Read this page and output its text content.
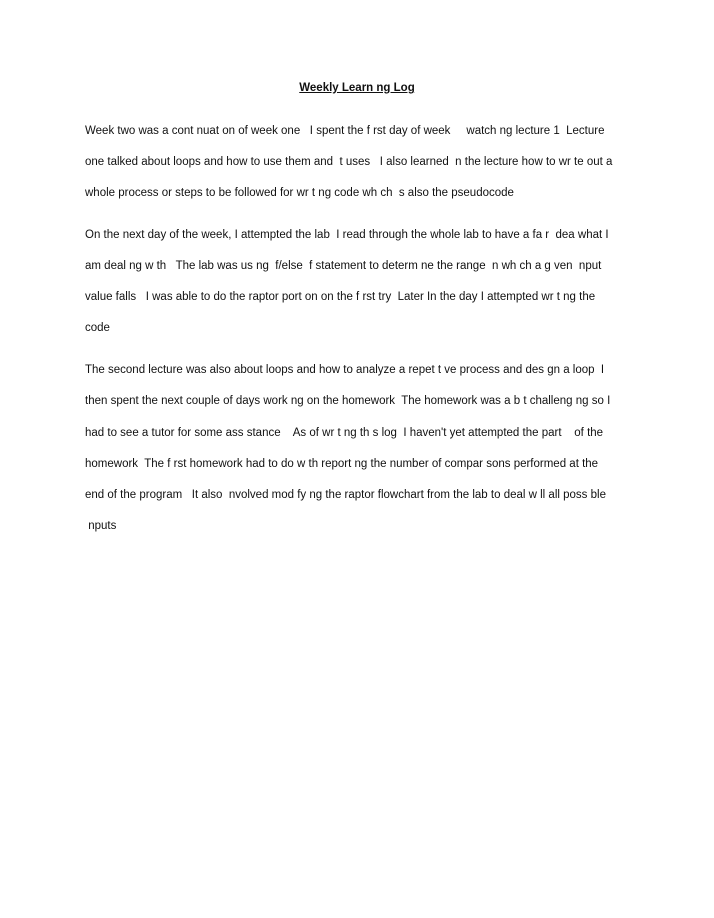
Weekly Learn ng Log
Week two was a cont nuat on of week one   I spent the f rst day of week     watch ng lecture 1  Lecture
one talked about loops and how to use them and  t uses   I also learned  n the lecture how to wr te out a
whole process or steps to be followed for wr t ng code wh ch  s also the pseudocode
On the next day of the week, I attempted the lab  I read through the whole lab to have a fa r  dea what I
am deal ng w th   The lab was us ng  f/else  f statement to determ ne the range  n wh ch a g ven  nput
value falls   I was able to do the raptor port on on the f rst try  Later In the day I attempted wr t ng the
code
The second lecture was also about loops and how to analyze a repet t ve process and des gn a loop  I
then spent the next couple of days work ng on the homework  The homework was a b t challeng ng so I
had to see a tutor for some ass stance    As of wr t ng th s log  I haven't yet attempted the part    of the
homework  The f rst homework had to do w th report ng the number of compar sons performed at the
end of the program   It also  nvolved mod fy ng the raptor flowchart from the lab to deal w ll all poss ble
nputs
